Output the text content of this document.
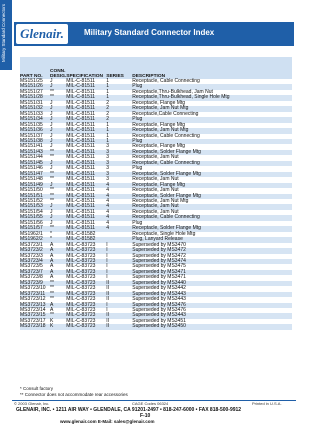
Military Standard Connectors	Glenair.	Military Standard Connector Index
PART NO.	CONN. DESIG.	SPECIFICATION	SERIES	DESCRIPTION
MS151/25	J	MIL-C-81511	1	Receptacle, Cable Connecting
MS151/26	J	MIL-C-81511	1	Plug
MS151/27	**	MIL-C-81511	1	Receptacle,Thru-Bulkhead, Jam Nut
MS151/28	**	MIL-C-81511	1	Receptacle,Thru-Bulkhead, Single Hole Mtg
MS151/31	J	MIL-C-81511	2	Receptacle, Flange Mtg
MS151/32	J	MIL-C-81511	2	Receptacle, Jam Nut Mtg
MS151/33	J	MIL-C-81511	2	Receptacle,Cable Connecting
MS151/34	J	MIL-C-81511	2	Plug
MS151/35	J	MIL-C-81511	1	Receptacle, Flange Mtg
MS151/36	J	MIL-C-81511	1	Receptacle, Jam Nut Mtg
MS151/37	J	MIL-C-81511	1	Receptacle, Cable Connecting
MS151/38	J	MIL-C-81511	1	Plug
MS151/41	J	MIL-C-81511	3	Receptacle, Flange Mtg
MS151/43	**	MIL-C-81511	3	Receptacle, Solder Flange Mtg
MS151/44	**	MIL-C-81511	3	Receptacle, Jam Nut
MS151/45	J	MIL-C-81511	3	Receptacle, Cable Connecting
MS151/46	J	MIL-C-81511	3	Plug
MS151/47	**	MIL-C-81511	3	Receptacle, Solder Flange Mtg
MS151/48	**	MIL-C-81511	3	Receptacle, Jam Nut
MS151/49	J	MIL-C-81511	4	Receptacle, Flange Mtg
MS151/50	**	MIL-C-81511	4	Receptacle, Jam Nut
MS151/51	**	MIL-C-81511	4	Receptacle, Solder Flange Mtg
MS151/52	**	MIL-C-81511	4	Receptacle, Jam Nut Mtg
MS151/53	J	MIL-C-81511	4	Receptacle, Jam Nut
MS151/54	J	MIL-C-81511	4	Receptacle, Jam Nut
MS151/55	J	MIL-C-81511	4	Receptacle, Cable Connecting
MS151/56	J	MIL-C-81511	4	Plug
MS151/57	**	MIL-C-81511	4	Receptacle, Solder Flange Mtg
MS1962/1	*	MIL-C-81582		Receptacle, Single Hole Mtg
MS1962/2	*	MIL-C-81582		Plug, Lanyard Release
MS3723/1	A	MIL-C-83723	I	Superseded by MS3470
MS3723/2	A	MIL-C-83723	I	Superseded by MS3472
MS3723/3	A	MIL-C-83723	I	Superseded by MS3472
MS3723/4	A	MIL-C-83723	I	Superseded by MS3474
MS3723/5	A	MIL-C-83723	I	Superseded by MS3475
MS3723/7	A	MIL-C-83723	I	Superseded by MS3471
MS3723/8	A	MIL-C-83723	I	Superseded by MS3471
MS3723/9	**	MIL-C-83723	II	Superseded by MS3440
MS3723/10	**	MIL-C-83723	II	Superseded by MS3442
MS3723/11	**	MIL-C-83723	II	Superseded by MS3443
MS3723/12	**	MIL-C-83723	II	Superseded by MS3443
MS3723/13	A	MIL-C-83723	I	Superseded by MS3476
MS3723/14	A	MIL-C-83723	I	Superseded by MS3476
MS3723/15	**	MIL-C-83723	II	Superseded by MS3443
MS3723/17	K	MIL-C-83723	II	Superseded by MS3451
MS3723/18	K	MIL-C-83723	II	Superseded by MS3450
* Consult factory
** Connector does not accommodate rear accessories
© 2003 Glenair, Inc.	CAGE Codes 06324	Printed in U.S.A.
GLENAIR, INC. • 1211 AIR WAY • GLENDALE, CA 91201-2497 • 818-247-6000 • FAX 818-500-9912
F-10
www.glenair.com E-Mail: sales@glenair.com
